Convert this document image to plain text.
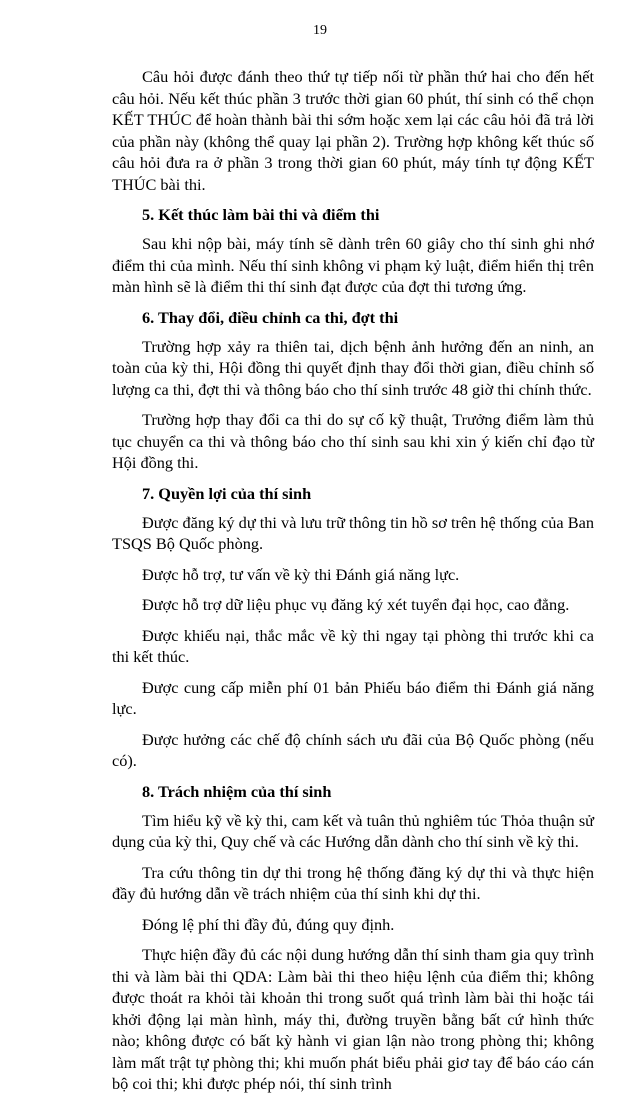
19

Câu hỏi được đánh theo thứ tự tiếp nối từ phần thứ hai cho đến hết câu hỏi. Nếu kết thúc phần 3 trước thời gian 60 phút, thí sinh có thể chọn KẾT THÚC để hoàn thành bài thi sớm hoặc xem lại các câu hỏi đã trả lời của phần này (không thể quay lại phần 2). Trường hợp không kết thúc số câu hỏi đưa ra ở phần 3 trong thời gian 60 phút, máy tính tự động KẾT THÚC bài thi.

5. Kết thúc làm bài thi và điểm thi

Sau khi nộp bài, máy tính sẽ dành trên 60 giây cho thí sinh ghi nhớ điểm thi của mình. Nếu thí sinh không vi phạm kỷ luật, điểm hiển thị trên màn hình sẽ là điểm thi thí sinh đạt được của đợt thi tương ứng.

6. Thay đổi, điều chỉnh ca thi, đợt thi

Trường hợp xảy ra thiên tai, dịch bệnh ảnh hưởng đến an ninh, an toàn của kỳ thi, Hội đồng thi quyết định thay đổi thời gian, điều chỉnh số lượng ca thi, đợt thi và thông báo cho thí sinh trước 48 giờ thi chính thức.

Trường hợp thay đổi ca thi do sự cố kỹ thuật, Trưởng điểm làm thủ tục chuyển ca thi và thông báo cho thí sinh sau khi xin ý kiến chỉ đạo từ Hội đồng thi.

7. Quyền lợi của thí sinh

Được đăng ký dự thi và lưu trữ thông tin hồ sơ trên hệ thống của Ban TSQS Bộ Quốc phòng.

Được hỗ trợ, tư vấn về kỳ thi Đánh giá năng lực.

Được hỗ trợ dữ liệu phục vụ đăng ký xét tuyển đại học, cao đẳng.

Được khiếu nại, thắc mắc về kỳ thi ngay tại phòng thi trước khi ca thi kết thúc.

Được cung cấp miễn phí 01 bản Phiếu báo điểm thi Đánh giá năng lực.

Được hưởng các chế độ chính sách ưu đãi của Bộ Quốc phòng (nếu có).

8. Trách nhiệm của thí sinh

Tìm hiểu kỹ về kỳ thi, cam kết và tuân thủ nghiêm túc Thỏa thuận sử dụng của kỳ thi, Quy chế và các Hướng dẫn dành cho thí sinh về kỳ thi.

Tra cứu thông tin dự thi trong hệ thống đăng ký dự thi và thực hiện đầy đủ hướng dẫn về trách nhiệm của thí sinh khi dự thi.

Đóng lệ phí thi đầy đủ, đúng quy định.

Thực hiện đầy đủ các nội dung hướng dẫn thí sinh tham gia quy trình thi và làm bài thi QDA: Làm bài thi theo hiệu lệnh của điểm thi; không được thoát ra khỏi tài khoản thi trong suốt quá trình làm bài thi hoặc tái khởi động lại màn hình, máy thi, đường truyền bằng bất cứ hình thức nào; không được có bất kỳ hành vi gian lận nào trong phòng thi; không làm mất trật tự phòng thi; khi muốn phát biểu phải giơ tay để báo cáo cán bộ coi thi; khi được phép nói, thí sinh trình
